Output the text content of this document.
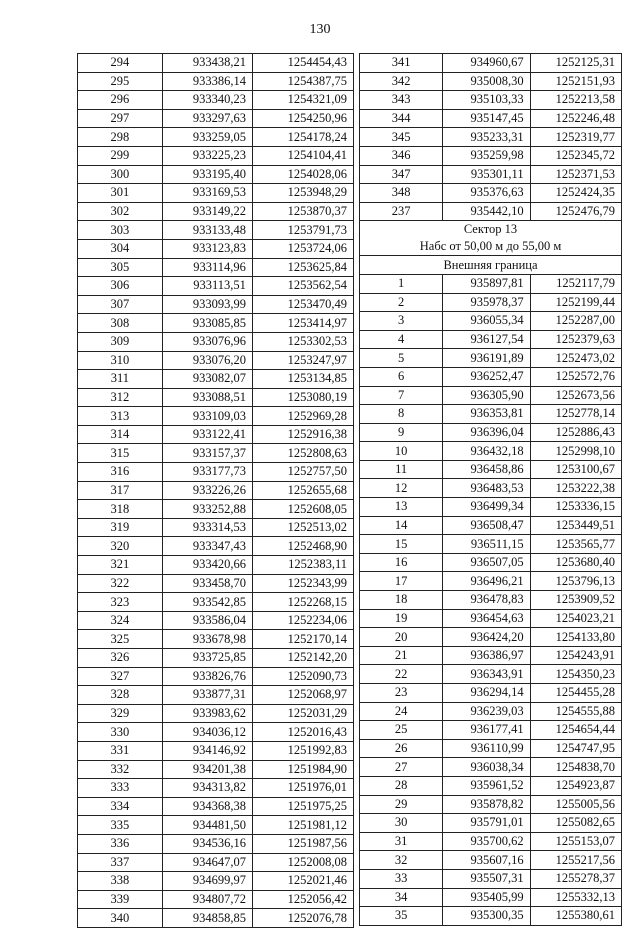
130
294	933438,21	1254454,43
295	933386,14	1254387,75
296	933340,23	1254321,09
297	933297,63	1254250,96
298	933259,05	1254178,24
299	933225,23	1254104,41
300	933195,40	1254028,06
301	933169,53	1253948,29
302	933149,22	1253870,37
303	933133,48	1253791,73
304	933123,83	1253724,06
305	933114,96	1253625,84
306	933113,51	1253562,54
307	933093,99	1253470,49
308	933085,85	1253414,97
309	933076,96	1253302,53
310	933076,20	1253247,97
311	933082,07	1253134,85
312	933088,51	1253080,19
313	933109,03	1252969,28
314	933122,41	1252916,38
315	933157,37	1252808,63
316	933177,73	1252757,50
317	933226,26	1252655,68
318	933252,88	1252608,05
319	933314,53	1252513,02
320	933347,43	1252468,90
321	933420,66	1252383,11
322	933458,70	1252343,99
323	933542,85	1252268,15
324	933586,04	1252234,06
325	933678,98	1252170,14
326	933725,85	1252142,20
327	933826,76	1252090,73
328	933877,31	1252068,97
329	933983,62	1252031,29
330	934036,12	1252016,43
331	934146,92	1251992,83
332	934201,38	1251984,90
333	934313,82	1251976,01
334	934368,38	1251975,25
335	934481,50	1251981,12
336	934536,16	1251987,56
337	934647,07	1252008,08
338	934699,97	1252021,46
339	934807,72	1252056,42
340	934858,85	1252076,78
341	934960,67	1252125,31
342	935008,30	1252151,93
343	935103,33	1252213,58
344	935147,45	1252246,48
345	935233,31	1252319,77
346	935259,98	1252345,72
347	935301,11	1252371,53
348	935376,63	1252424,35
237	935442,10	1252476,79

Сектор 13
Набс от 50,00 м до 55,00 м		

Внешняя граница		
1	935897,81	1252117,79
2	935978,37	1252199,44
3	936055,34	1252287,00
4	936127,54	1252379,63
5	936191,89	1252473,02
6	936252,47	1252572,76
7	936305,90	1252673,56
8	936353,81	1252778,14
9	936396,04	1252886,43
10	936432,18	1252998,10
11	936458,86	1253100,67
12	936483,53	1253222,38
13	936499,34	1253336,15
14	936508,47	1253449,51
15	936511,15	1253565,77
16	936507,05	1253680,40
17	936496,21	1253796,13
18	936478,83	1253909,52
19	936454,63	1254023,21
20	936424,20	1254133,80
21	936386,97	1254243,91
22	936343,91	1254350,23
23	936294,14	1254455,28
24	936239,03	1254555,88
25	936177,41	1254654,44
26	936110,99	1254747,95
27	936038,34	1254838,70
28	935961,52	1254923,87
29	935878,82	1255005,56
30	935791,01	1255082,65
31	935700,62	1255153,07
32	935607,16	1255217,56
33	935507,31	1255278,37
34	935405,99	1255332,13
35	935300,35	1255380,61
